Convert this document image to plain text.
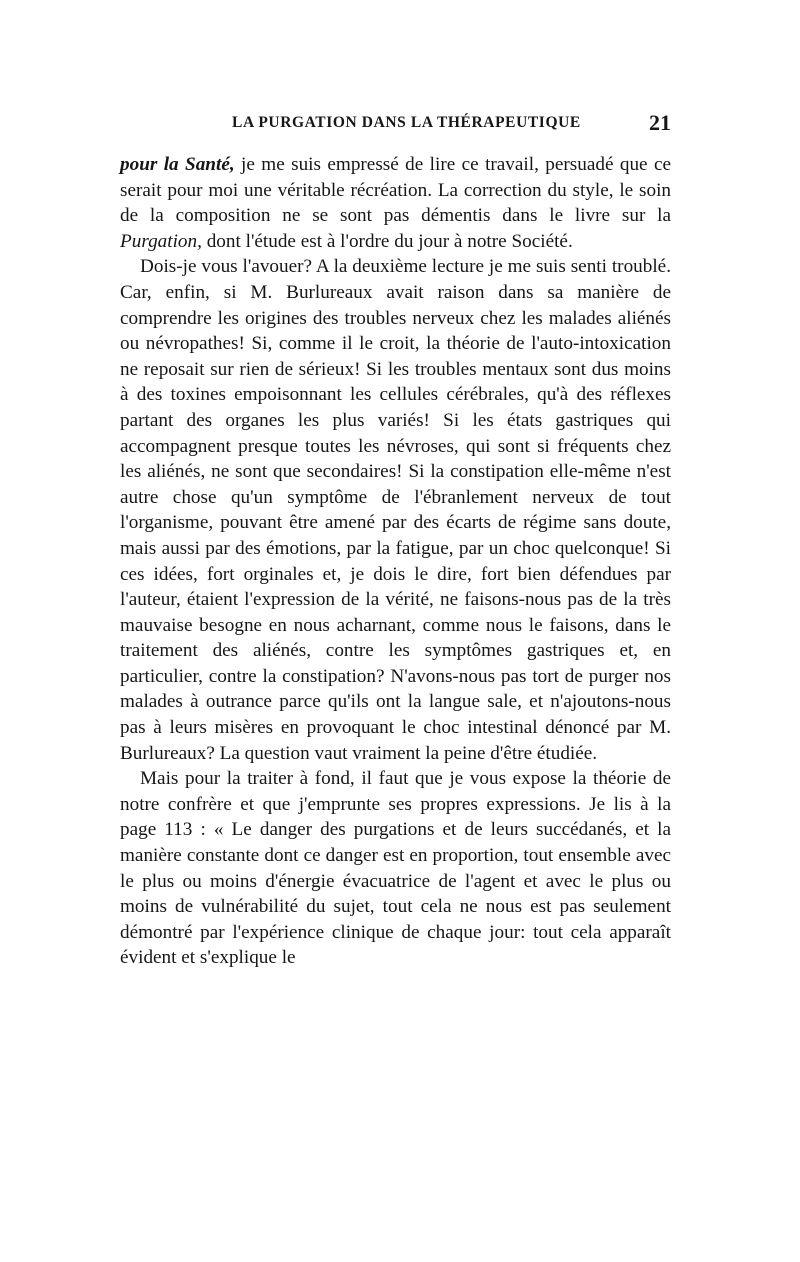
LA PURGATION DANS LA THÉRAPEUTIQUE	21

pour la Santé, je me suis empressé de lire ce travail, persuadé que ce serait pour moi une véritable récréation. La correction du style, le soin de la composition ne se sont pas démentis dans le livre sur la Purgation, dont l'étude est à l'ordre du jour à notre Société.

Dois-je vous l'avouer? A la deuxième lecture je me suis senti troublé. Car, enfin, si M. Burlureaux avait raison dans sa manière de comprendre les origines des troubles nerveux chez les malades aliénés ou névropathes! Si, comme il le croit, la théorie de l'auto-intoxication ne reposait sur rien de sérieux! Si les troubles mentaux sont dus moins à des toxines empoisonnant les cellules cérébrales, qu'à des réflexes partant des organes les plus variés! Si les états gastriques qui accompagnent presque toutes les névroses, qui sont si fréquents chez les aliénés, ne sont que secondaires! Si la constipation elle-même n'est autre chose qu'un symptôme de l'ébranlement nerveux de tout l'organisme, pouvant être amené par des écarts de régime sans doute, mais aussi par des émotions, par la fatigue, par un choc quelconque! Si ces idées, fort orginales et, je dois le dire, fort bien défendues par l'auteur, étaient l'expression de la vérité, ne faisons-nous pas de la très mauvaise besogne en nous acharnant, comme nous le faisons, dans le traitement des aliénés, contre les symptômes gastriques et, en particulier, contre la constipation? N'avons-nous pas tort de purger nos malades à outrance parce qu'ils ont la langue sale, et n'ajoutons-nous pas à leurs misères en provoquant le choc intestinal dénoncé par M. Burlureaux? La question vaut vraiment la peine d'être étudiée.

Mais pour la traiter à fond, il faut que je vous expose la théorie de notre confrère et que j'emprunte ses propres expressions. Je lis à la page 113 : « Le danger des purgations et de leurs succédanés, et la manière constante dont ce danger est en proportion, tout ensemble avec le plus ou moins d'énergie évacuatrice de l'agent et avec le plus ou moins de vulnérabilité du sujet, tout cela ne nous est pas seulement démontré par l'expérience clinique de chaque jour: tout cela apparaît évident et s'explique le
